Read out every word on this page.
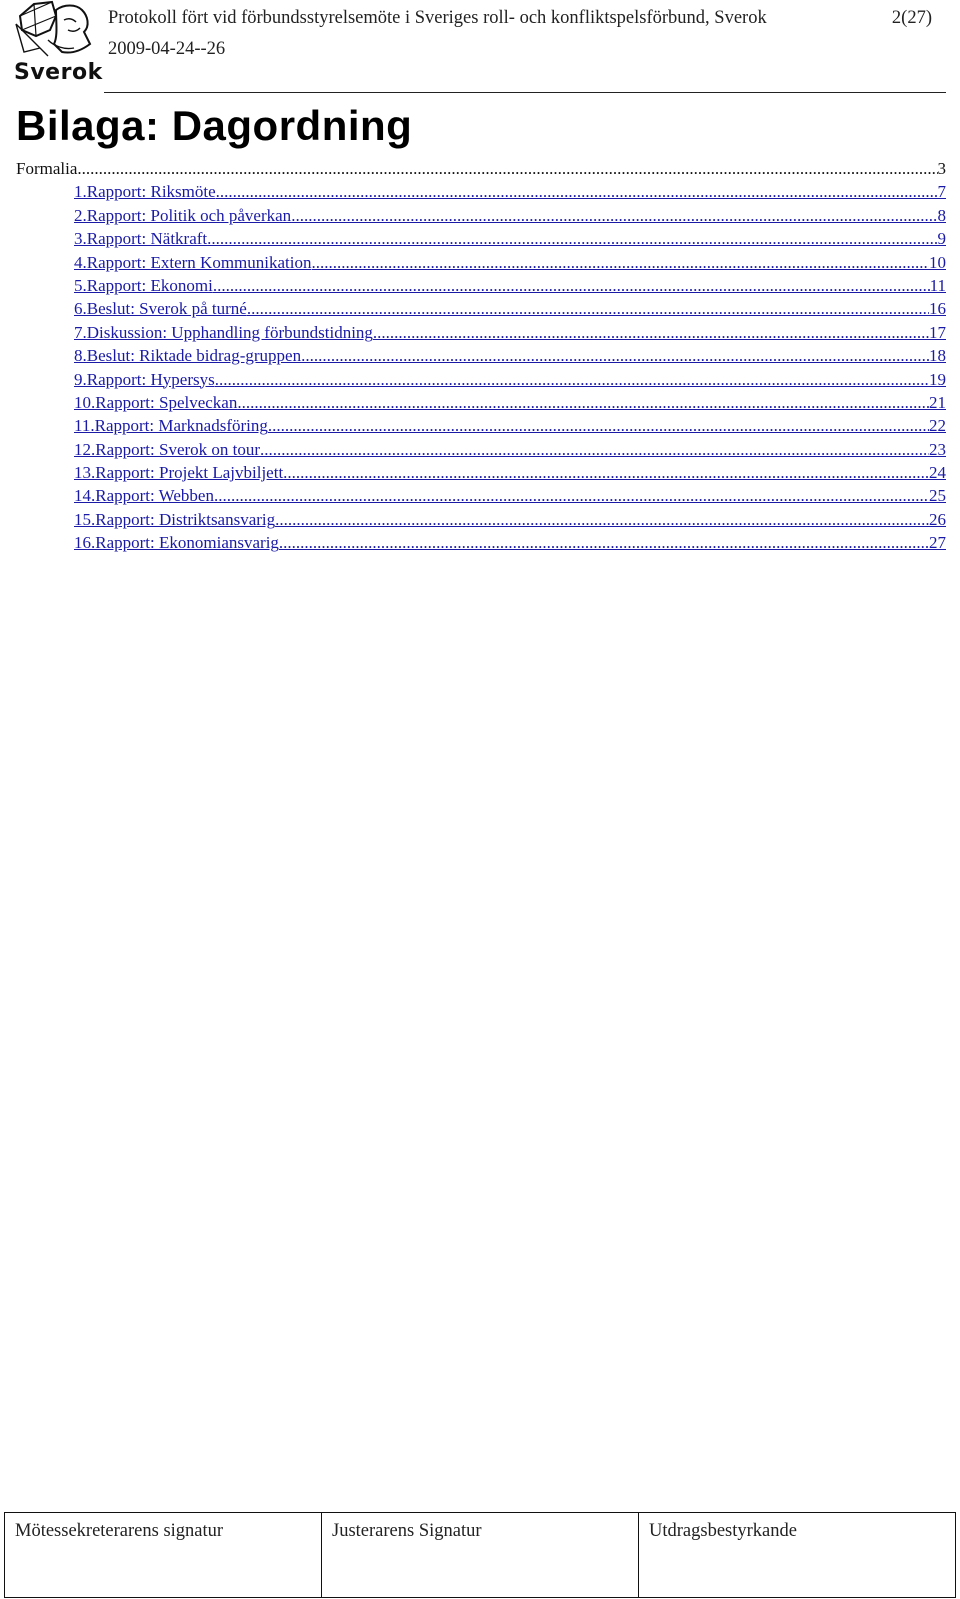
Sverok
Protokoll fört vid förbundsstyrelsemöte i Sveriges roll- och konfliktspelsförbund, Sverok
2009-04-24--26
2(27)
Bilaga: Dagordning
Formalia .....	3
1.Rapport: Riksmöte .....	7
2.Rapport: Politik och påverkan .....	8
3.Rapport: Nätkraft .....	9
4.Rapport: Extern Kommunikation .....	10
5.Rapport: Ekonomi .....	11
6.Beslut: Sverok på turné .....	16
7.Diskussion: Upphandling förbundstidning .....	17
8.Beslut: Riktade bidrag-gruppen .....	18
9.Rapport: Hypersys .....	19
10.Rapport: Spelveckan .....	21
11.Rapport: Marknadsföring .....	22
12.Rapport: Sverok on tour .....	23
13.Rapport: Projekt Lajvbiljett .....	24
14.Rapport: Webben .....	25
15.Rapport: Distriktsansvarig .....	26
16.Rapport: Ekonomiansvarig .....	27
Mötessekreterarens signatur	Justerarens Signatur	Utdragsbestyrkande
